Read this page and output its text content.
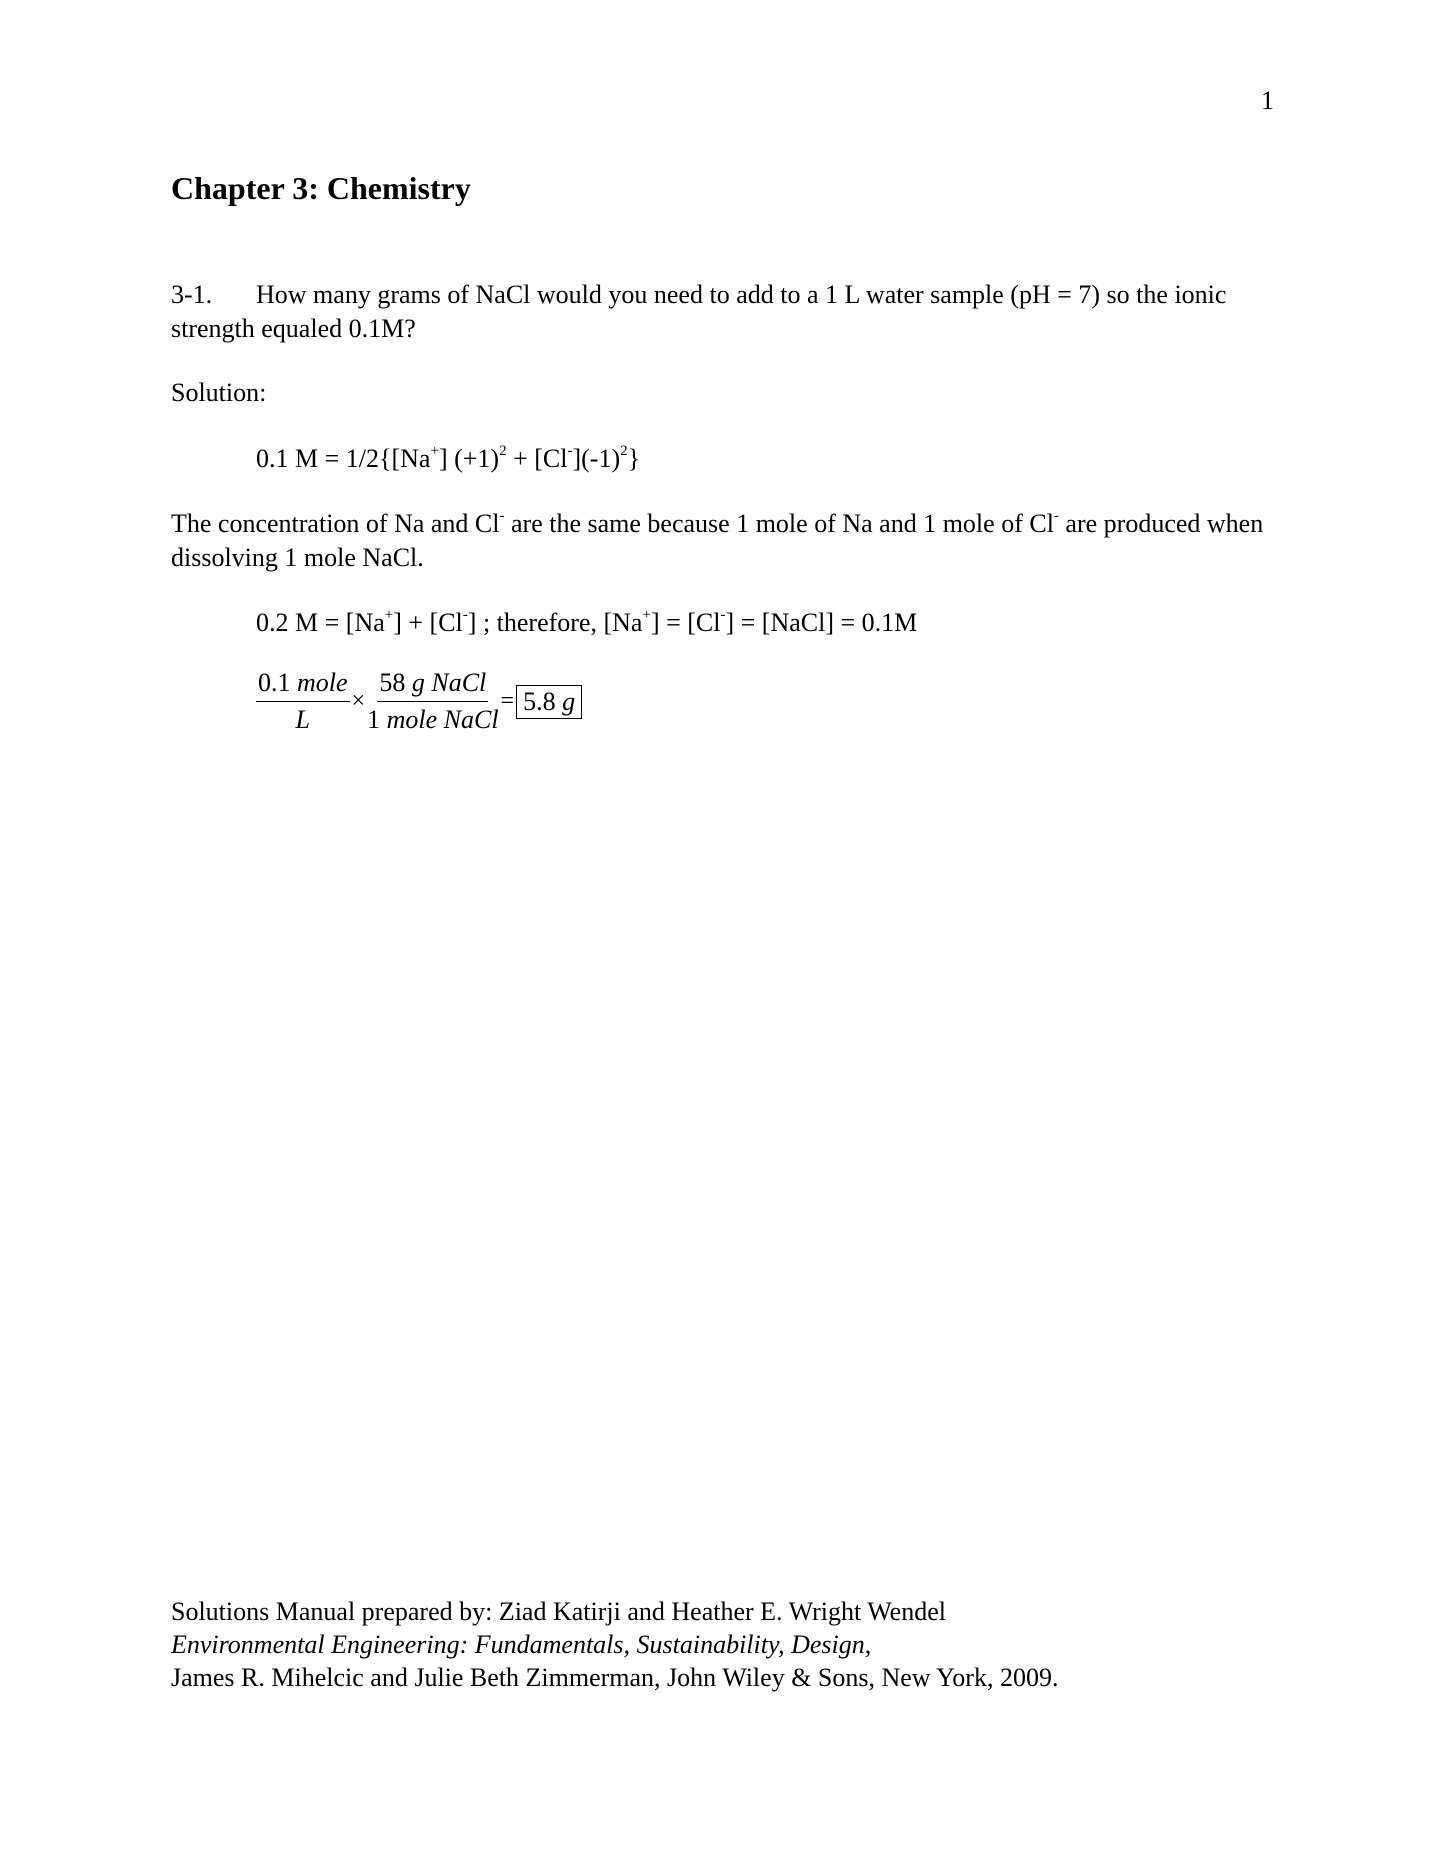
1
Chapter 3: Chemistry
3-1. How many grams of NaCl would you need to add to a 1 L water sample (pH = 7) so the ionic strength equaled 0.1M?
Solution:
0.1 M = 1/2{[Na+] $(+1)^2 + [Cl^-](-1)^2$}
The concentration of Na and Cl- are the same because 1 mole of Na and 1 mole of Cl- are produced when dissolving 1 mole NaCl.
0.2 M = [Na+] + [Cl-] ; therefore, [Na+] = [Cl-] = [NaCl] = 0.1M
$\frac{\text{0.1 mole}}{L} \times \frac{\text{58 g NaCl}}{\text{1 mole NaCl}} = 5.8$ g
Solutions Manual prepared by: Ziad Katirji and Heather E. Wright Wendel
Environmental Engineering: Fundamentals, Sustainability, Design,
James R. Mihelcic and Julie Beth Zimmerman, John Wiley & Sons, New York, 2009.
